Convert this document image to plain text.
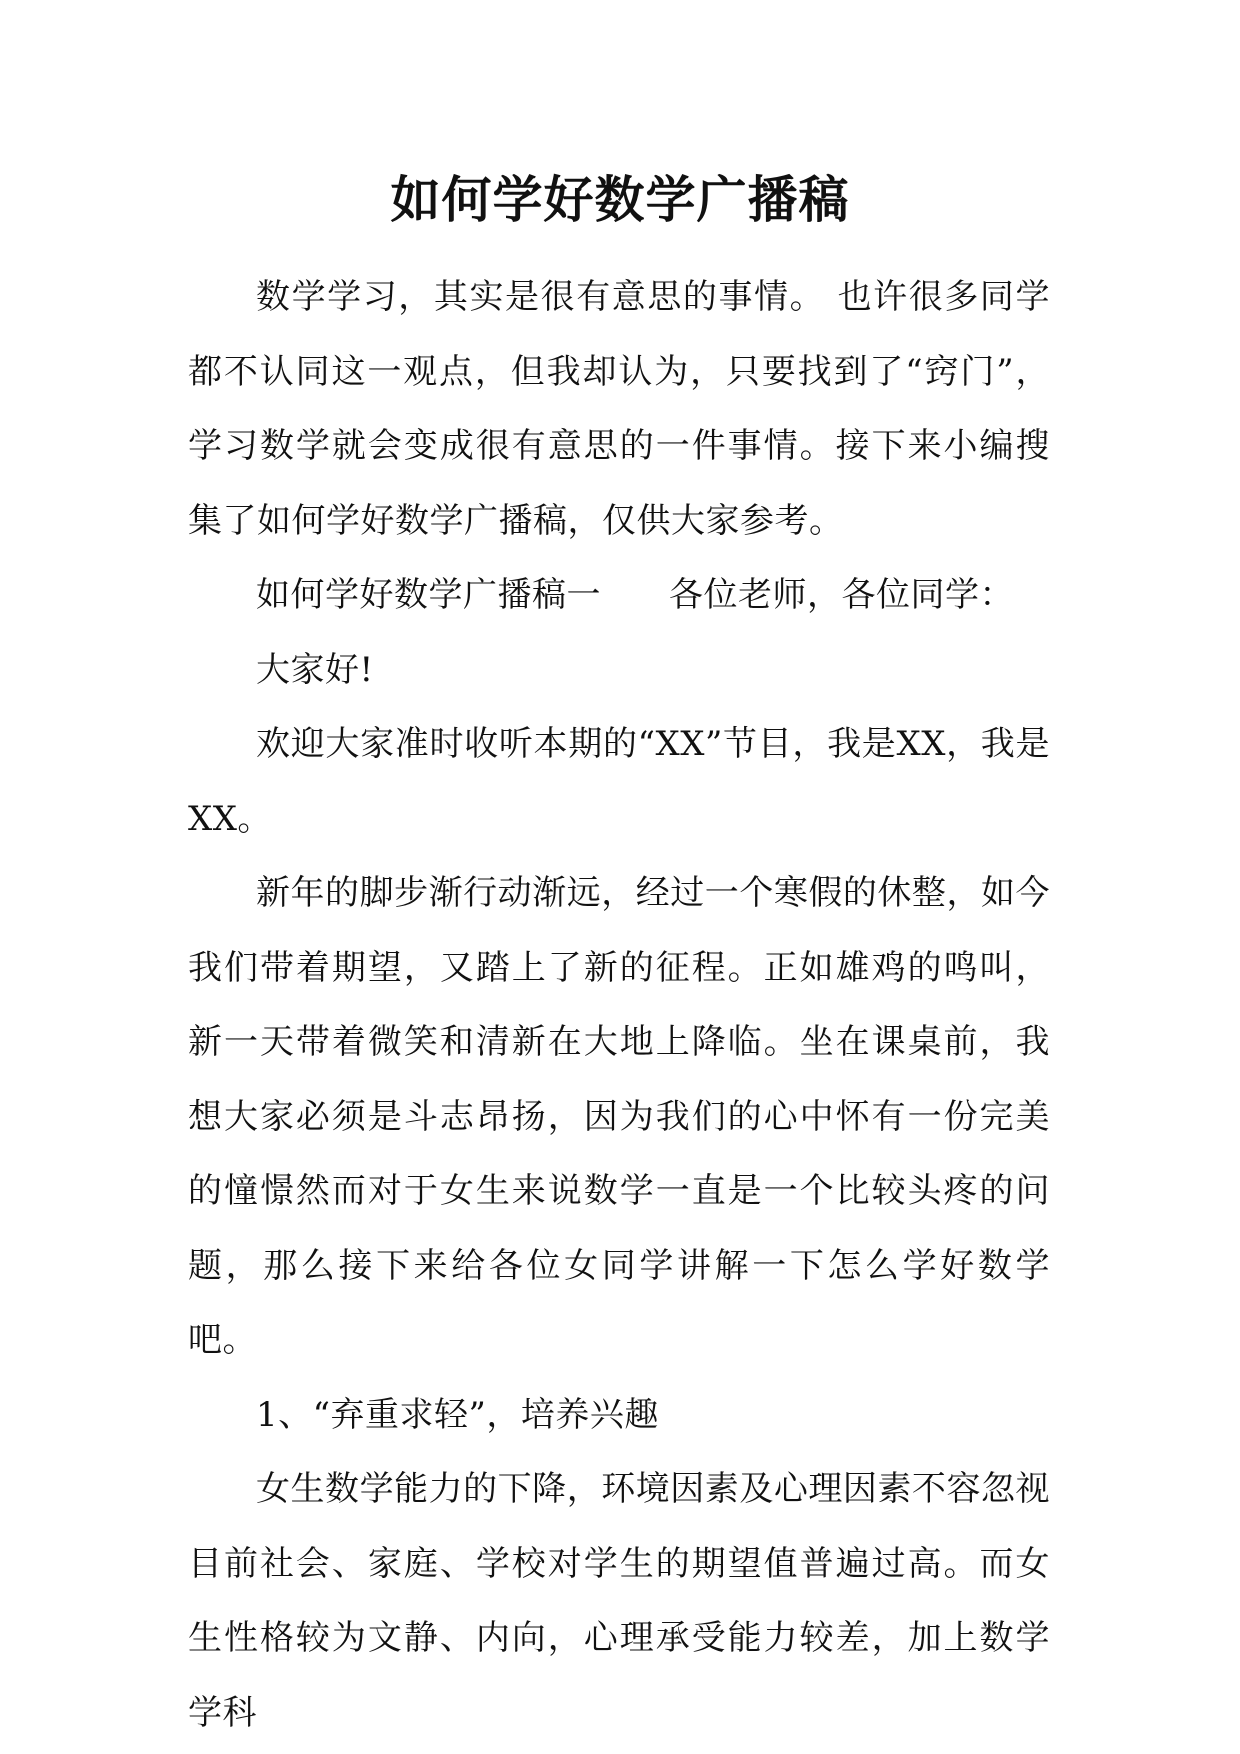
如何学好数学广播稿

数学学习，其实是很有意思的事情。 也许很多同学都不认同这一观点，但我却认为，只要找到了“窍门”，学习数学就会变成很有意思的一件事情。接下来小编搜集了如何学好数学广播稿，仅供大家参考。

如何学好数学广播稿一 各位老师，各位同学：

大家好!

欢迎大家准时收听本期的“XX”节目，我是XX，我是XX。

新年的脚步渐行动渐远，经过一个寒假的休整，如今我们带着期望，又踏上了新的征程。正如雄鸡的鸣叫，新一天带着微笑和清新在大地上降临。坐在课桌前，我想大家必须是斗志昂扬，因为我们的心中怀有一份完美的憧憬然而对于女生来说数学一直是一个比较头疼的问题，那么接下来给各位女同学讲解一下怎么学好数学吧。

1、“弃重求轻”，培养兴趣

女生数学能力的下降，环境因素及心理因素不容忽视目前社会、家庭、学校对学生的期望值普遍过高。而女生性格较为文静、内向，心理承受能力较差，加上数学学科
